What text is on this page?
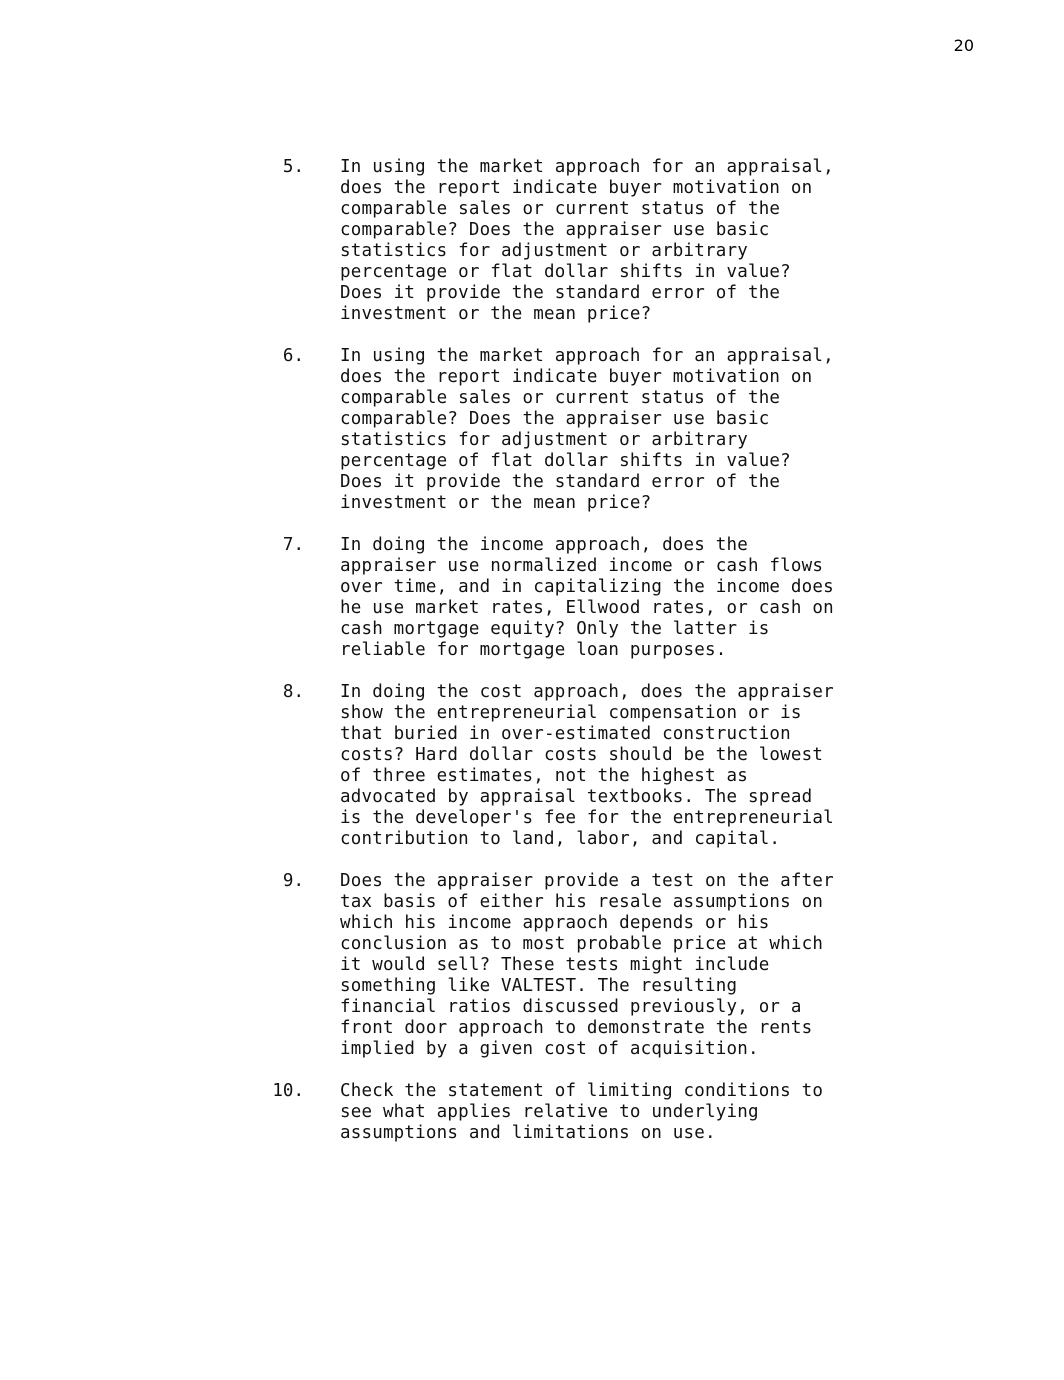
20
5. In using the market approach for an appraisal,
does the report indicate buyer motivation on
comparable sales or current status of the
comparable? Does the appraiser use basic
statistics for adjustment or arbitrary
percentage or flat dollar shifts in value?
Does it provide the standard error of the
investment or the mean price?
6. In using the market approach for an appraisal,
does the report indicate buyer motivation on
comparable sales or current status of the
comparable? Does the appraiser use basic
statistics for adjustment or arbitrary
percentage of flat dollar shifts in value?
Does it provide the standard error of the
investment or the mean price?
7. In doing the income approach, does the
appraiser use normalized income or cash flows
over time, and in capitalizing the income does
he use market rates, Ellwood rates, or cash on
cash mortgage equity? Only the latter is
reliable for mortgage loan purposes.
8. In doing the cost approach, does the appraiser
show the entrepreneurial compensation or is
that buried in over-estimated construction
costs? Hard dollar costs should be the lowest
of three estimates, not the highest as
advocated by appraisal textbooks. The spread
is the developer's fee for the entrepreneurial
contribution to land, labor, and capital.
9. Does the appraiser provide a test on the after
tax basis of either his resale assumptions on
which his income appraoch depends or his
conclusion as to most probable price at which
it would sell? These tests might include
something like VALTEST. The resulting
financial ratios discussed previously, or a
front door approach to demonstrate the rents
implied by a given cost of acquisition.
10. Check the statement of limiting conditions to
see what applies relative to underlying
assumptions and limitations on use.
